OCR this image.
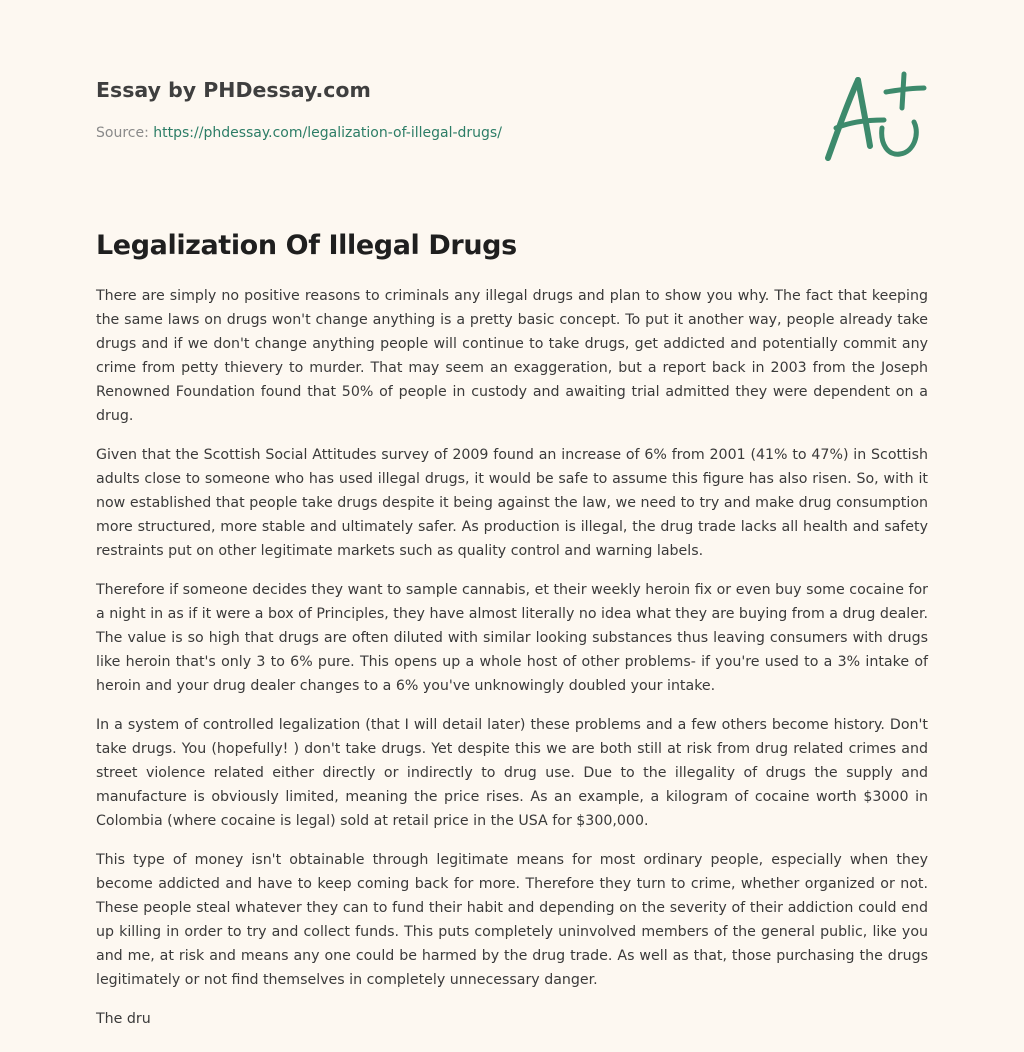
Essay by PHDessay.com
Source: https://phdessay.com/legalization-of-illegal-drugs/
Legalization Of Illegal Drugs

There are simply no positive reasons to criminals any illegal drugs and plan to show you why. The fact that keeping the same laws on drugs won't change anything is a pretty basic concept. To put it another way, people already take drugs and if we don't change anything people will continue to take drugs, get addicted and potentially commit any crime from petty thievery to murder. That may seem an exaggeration, but a report back in 2003 from the Joseph Renowned Foundation found that 50% of people in custody and awaiting trial admitted they were dependent on a drug.

Given that the Scottish Social Attitudes survey of 2009 found an increase of 6% from 2001 (41% to 47%) in Scottish adults close to someone who has used illegal drugs, it would be safe to assume this figure has also risen. So, with it now established that people take drugs despite it being against the law, we need to try and make drug consumption more structured, more stable and ultimately safer. As production is illegal, the drug trade lacks all health and safety restraints put on other legitimate markets such as quality control and warning labels.

Therefore if someone decides they want to sample cannabis, et their weekly heroin fix or even buy some cocaine for a night in as if it were a box of Principles, they have almost literally no idea what they are buying from a drug dealer. The value is so high that drugs are often diluted with similar looking substances thus leaving consumers with drugs like heroin that's only 3 to 6% pure. This opens up a whole host of other problems- if you're used to a 3% intake of heroin and your drug dealer changes to a 6% you've unknowingly doubled your intake.

In a system of controlled legalization (that I will detail later) these problems and a few others become history. Don't take drugs. You (hopefully! ) don't take drugs. Yet despite this we are both still at risk from drug related crimes and street violence related either directly or indirectly to drug use. Due to the illegality of drugs the supply and manufacture is obviously limited, meaning the price rises. As an example, a kilogram of cocaine worth $3000 in Colombia (where cocaine is legal) sold at retail price in the USA for $300,000.

This type of money isn't obtainable through legitimate means for most ordinary people, especially when they become addicted and have to keep coming back for more. Therefore they turn to crime, whether organized or not. These people steal whatever they can to fund their habit and depending on the severity of their addiction could end up killing in order to try and collect funds. This puts completely uninvolved members of the general public, like you and me, at risk and means any one could be harmed by the drug trade. As well as that, those purchasing the drugs legitimately or not find themselves in completely unnecessary danger.

The dru
